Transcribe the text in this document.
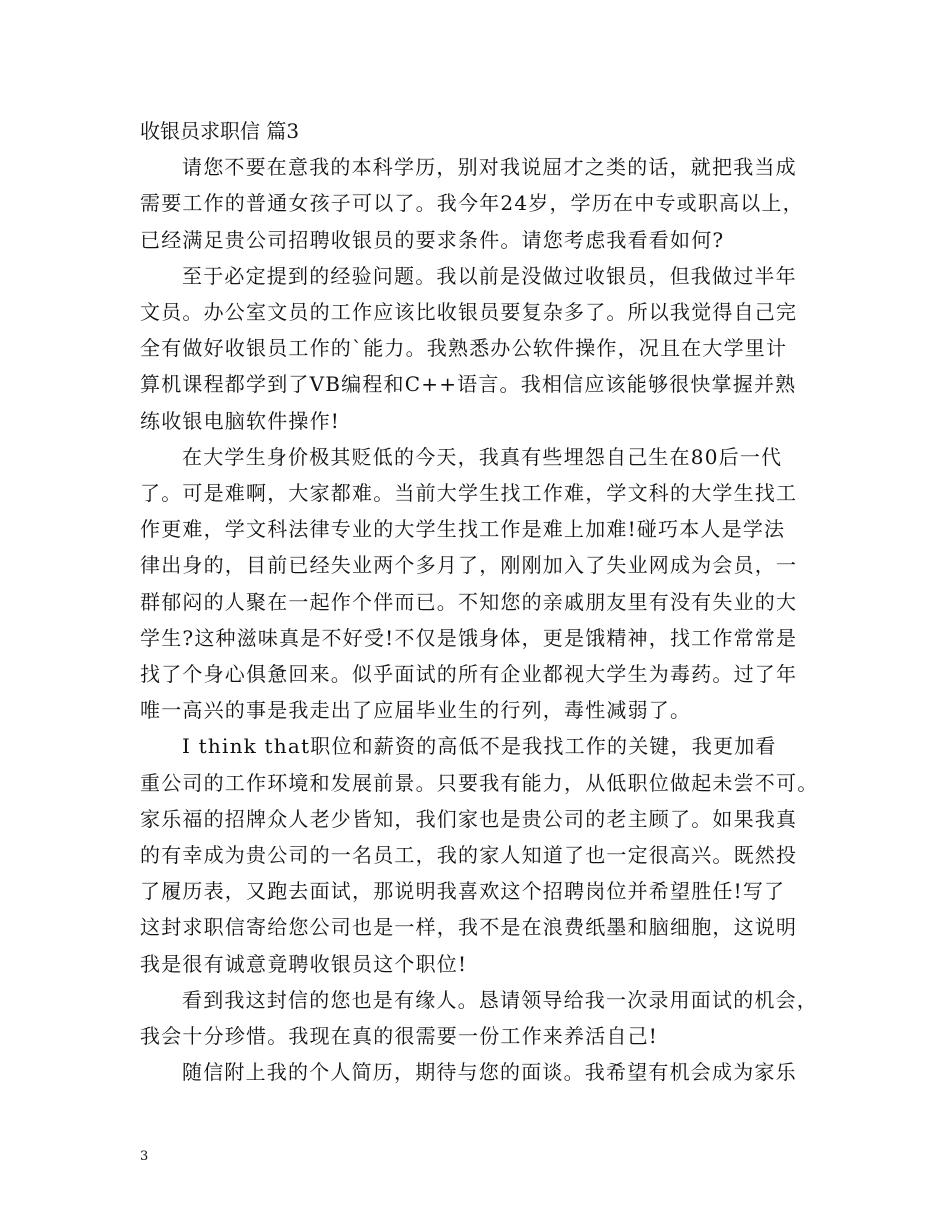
收银员求职信 篇3

请您不要在意我的本科学历，别对我说屈才之类的话，就把我当成
需要工作的普通女孩子可以了。我今年24岁，学历在中专或职高以上，
已经满足贵公司招聘收银员的要求条件。请您考虑我看看如何?
至于必定提到的经验问题。我以前是没做过收银员，但我做过半年
文员。办公室文员的工作应该比收银员要复杂多了。所以我觉得自己完
全有做好收银员工作的`能力。我熟悉办公软件操作，况且在大学里计
算机课程都学到了VB编程和C++语言。我相信应该能够很快掌握并熟
练收银电脑软件操作!
在大学生身价极其贬低的今天，我真有些埋怨自己生在80后一代
了。可是难啊，大家都难。当前大学生找工作难，学文科的大学生找工
作更难，学文科法律专业的大学生找工作是难上加难!碰巧本人是学法
律出身的，目前已经失业两个多月了，刚刚加入了失业网成为会员，一
群郁闷的人聚在一起作个伴而已。不知您的亲戚朋友里有没有失业的大
学生?这种滋味真是不好受!不仅是饿身体，更是饿精神，找工作常常是
找了个身心俱惫回来。似乎面试的所有企业都视大学生为毒药。过了年
唯一高兴的事是我走出了应届毕业生的行列，毒性减弱了。
I think that职位和薪资的高低不是我找工作的关键，我更加看
重公司的工作环境和发展前景。只要我有能力，从低职位做起未尝不可。
家乐福的招牌众人老少皆知，我们家也是贵公司的老主顾了。如果我真
的有幸成为贵公司的一名员工，我的家人知道了也一定很高兴。既然投
了履历表，又跑去面试，那说明我喜欢这个招聘岗位并希望胜任!写了
这封求职信寄给您公司也是一样，我不是在浪费纸墨和脑细胞，这说明
我是很有诚意竟聘收银员这个职位!
看到我这封信的您也是有缘人。恳请领导给我一次录用面试的机会，
我会十分珍惜。我现在真的很需要一份工作来养活自己!
随信附上我的个人简历，期待与您的面谈。我希望有机会成为家乐
3
